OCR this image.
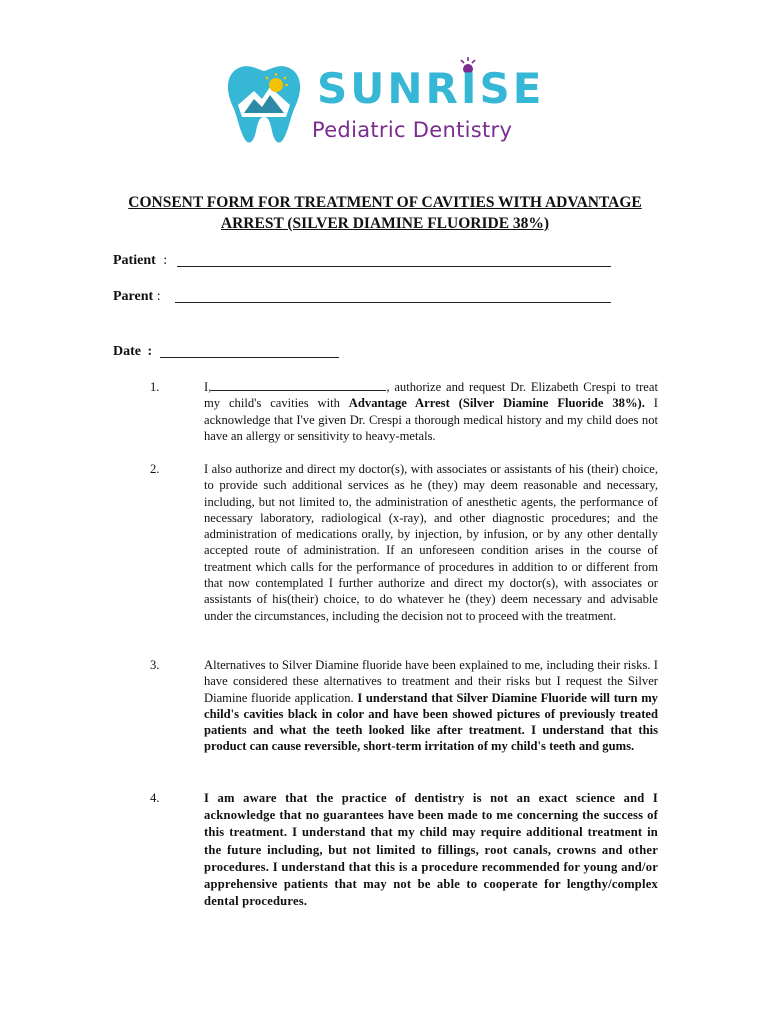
SUNRISE
Pediatric Dentistry
CONSENT FORM FOR TREATMENT OF CAVITIES WITH ADVANTAGE
ARREST (SILVER DIAMINE FLUORIDE 38%)
Patient :
Parent :
Date :
1.	I,	, authorize and request Dr. Elizabeth Crespi to treat my child's cavities with Advantage Arrest (Silver Diamine Fluoride 38%). I acknowledge that I've given Dr. Crespi a thorough medical history and my child does not have an allergy or sensitivity to heavy-metals.
2.	I also authorize and direct my doctor(s), with associates or assistants of his (their) choice, to provide such additional services as he (they) may deem reasonable and necessary, including, but not limited to, the administration of anesthetic agents, the performance of necessary laboratory, radiological (x-ray), and other diagnostic procedures; and the administration of medications orally, by injection, by infusion, or by any other dentally accepted route of administration. If an unforeseen condition arises in the course of treatment which calls for the performance of procedures in addition to or different from that now contemplated I further authorize and direct my doctor(s), with associates or assistants of his(their) choice, to do whatever he (they) deem necessary and advisable under the circumstances, including the decision not to proceed with the treatment.
3.	Alternatives to Silver Diamine fluoride have been explained to me, including their risks. I have considered these alternatives to treatment and their risks but I request the Silver Diamine fluoride application. I understand that Silver Diamine Fluoride will turn my child's cavities black in color and have been showed pictures of previously treated patients and what the teeth looked like after treatment. I understand that this product can cause reversible, short-term irritation of my child's teeth and gums.
4.	I am aware that the practice of dentistry is not an exact science and I acknowledge that no guarantees have been made to me concerning the success of this treatment. I understand that my child may require additional treatment in the future including, but not limited to fillings, root canals, crowns and other procedures. I understand that this is a procedure recommended for young and/or apprehensive patients that may not be able to cooperate for lengthy/complex dental procedures.
